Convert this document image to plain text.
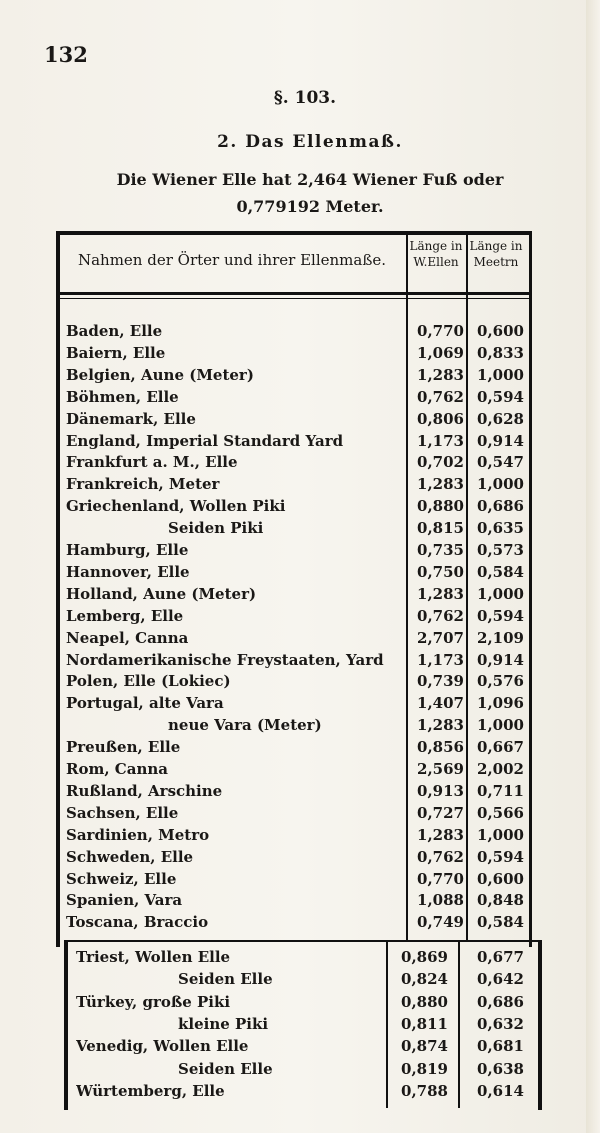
132
§. 103.
2. Das Ellenmaß.
Die Wiener Elle hat 2,464 Wiener Fuß oder
0,779192 Meter.
Nahmen der Örter und ihrer Ellenmaße.
Länge in W.Ellen
Länge in Meetrn
Baden, Elle	0,770 0,600
Baiern, Elle	1,069 0,833
Belgien, Aune (Meter)	1,283 1,000
Böhmen, Elle	0,762 0,594
Dänemark, Elle	0,806 0,628
England, Imperial Standard Yard	1,173 0,914
Frankfurt a. M., Elle	0,702 0,547
Frankreich, Meter	1,283 1,000
Griechenland, Wollen Piki	0,880 0,686
Seiden Piki	0,815 0,635
Hamburg, Elle	0,735 0,573
Hannover, Elle	0,750 0,584
Holland, Aune (Meter)	1,283 1,000
Lemberg, Elle	0,762 0,594
Neapel, Canna	2,707 2,109
Nordamerikanische Freystaaten, Yard	1,173 0,914
Polen, Elle (Lokiec)	0,739 0,576
Portugal, alte Vara	1,407 1,096
neue Vara (Meter)	1,283 1,000
Preußen, Elle	0,856 0,667
Rom, Canna	2,569 2,002
Rußland, Arschine	0,913 0,711
Sachsen, Elle	0,727 0,566
Sardinien, Metro	1,283 1,000
Schweden, Elle	0,762 0,594
Schweiz, Elle	0,770 0,600
Spanien, Vara	1,088 0,848
Toscana, Braccio	0,749 0,584
Triest, Wollen Elle	0,869	0,677
Seiden Elle	0,824	0,642
Türkey, große Piki	0,880	0,686
kleine Piki	0,811	0,632
Venedig, Wollen Elle	0,874	0,681
Seiden Elle	0,819	0,638
Würtemberg, Elle	0,788	0,614
